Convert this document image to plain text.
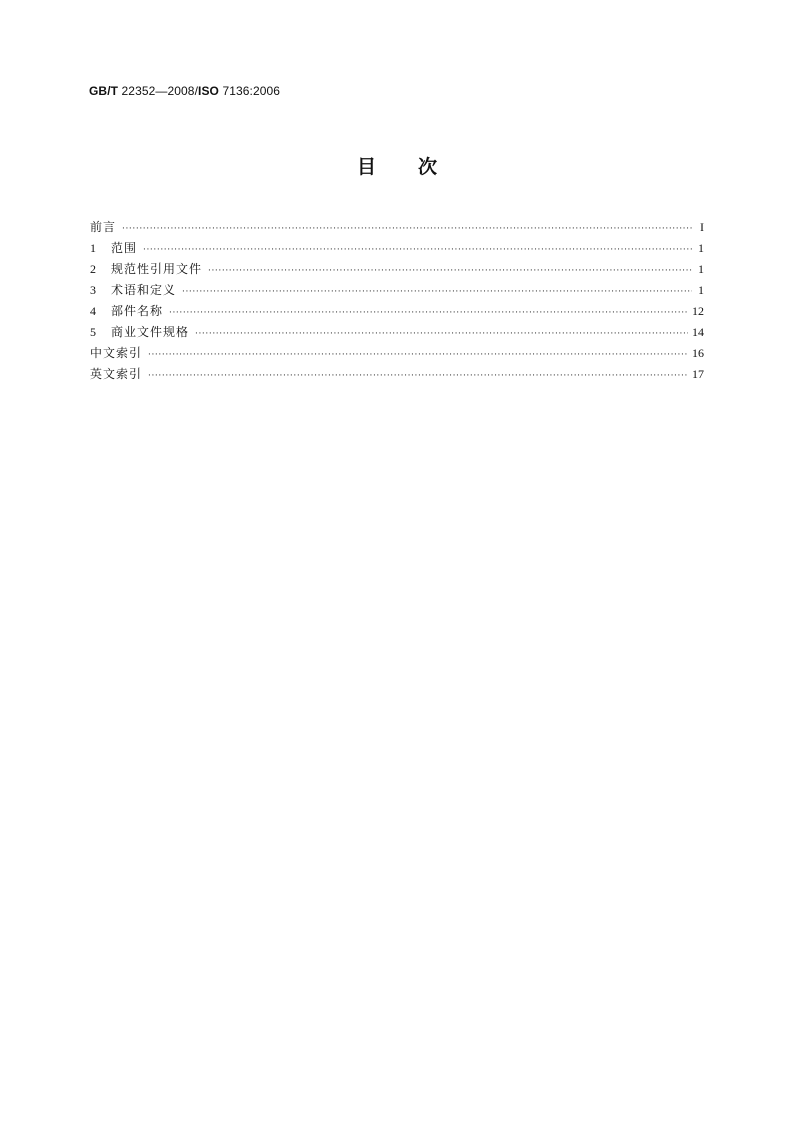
GB/T 22352—2008/ISO 7136:2006
目 次
前言 ·····	I
1	范围 ·····	1
2	规范性引用文件 ·····	1
3	术语和定义 ·····	1
4	部件名称 ·····	12
5	商业文件规格 ·····	14
中文索引 ·····	16
英文索引 ·····	17
